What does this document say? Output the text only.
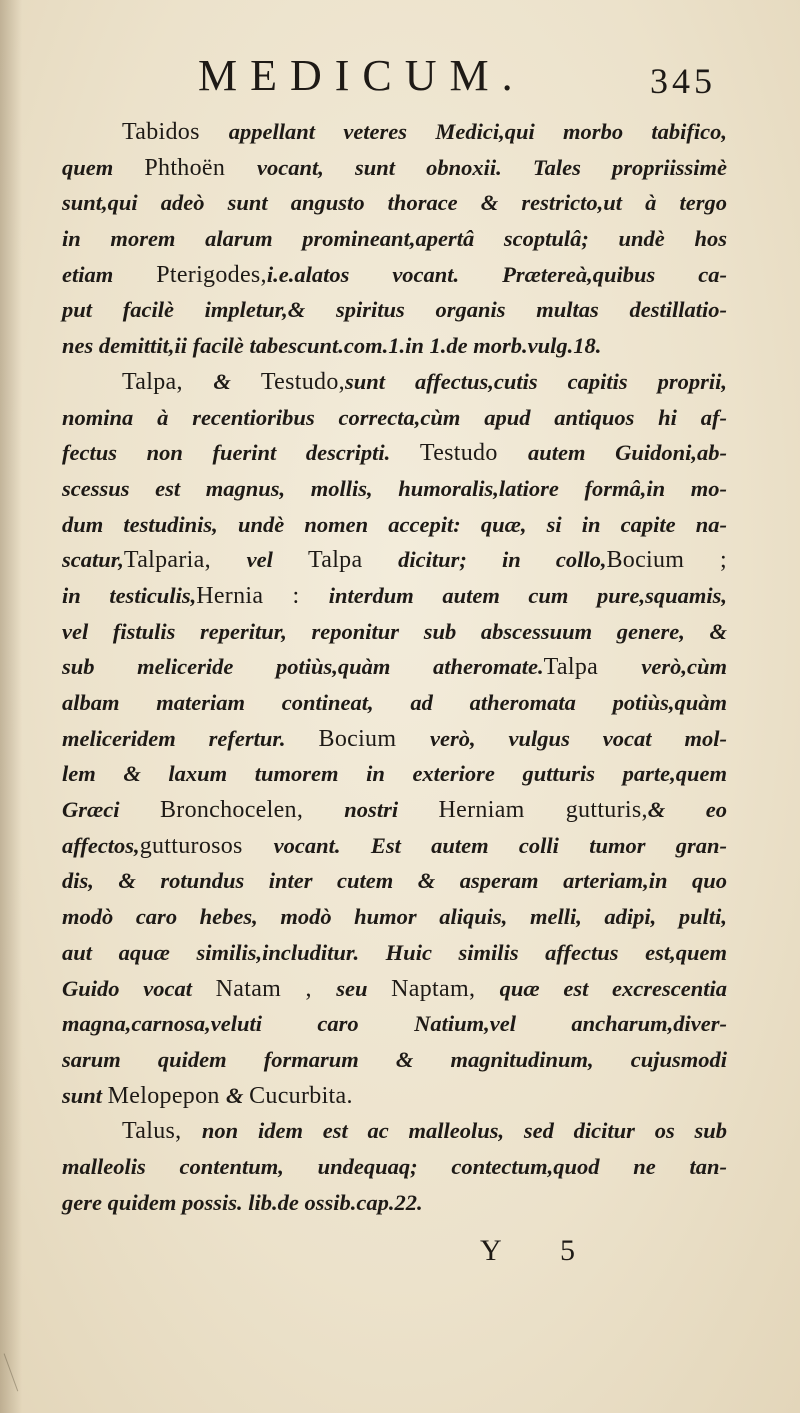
MEDICUM.	345
Tabidos appellant veteres Medici,qui morbo tabifico,
quem Phthoën vocant, sunt obnoxii. Tales propriissimè
sunt,qui adeò sunt angusto thorace & restricto,ut à tergo
in morem alarum promineant,apertâ scoptulâ; undè hos
etiam Pterigodes,i.e.alatos vocant. Prætereà,quibus ca-
put facilè impletur,& spiritus organis multas destillatio-
nes demittit,ii facilè tabescunt.com.1.in 1.de morb.vulg.18.
Talpa, & Testudo,sunt affectus,cutis capitis proprii,
nomina à recentioribus correcta,cùm apud antiquos hi af-
fectus non fuerint descripti. Testudo autem Guidoni,ab-
scessus est magnus, mollis, humoralis,latiore formâ,in mo-
dum testudinis, undè nomen accepit: quæ, si in capite na-
scatur,Talparia, vel Talpa dicitur; in collo,Bocium ;
in testiculis,Hernia : interdum autem cum pure,squamis,
vel fistulis reperitur, reponitur sub abscessuum genere, &
sub meliceride potiùs,quàm atheromate.Talpa verò,cùm
albam materiam contineat, ad atheromata potiùs,quàm
meliceridem refertur. Bocium verò, vulgus vocat mol-
lem & laxum tumorem in exteriore gutturis parte,quem
Græci Bronchocelen, nostri Herniam gutturis,& eo
affectos,gutturosos vocant. Est autem colli tumor gran-
dis, & rotundus inter cutem & asperam arteriam,in quo
modò caro hebes, modò humor aliquis, melli, adipi, pulti,
aut aquæ similis,includitur. Huic similis affectus est,quem
Guido vocat Natam , seu Naptam, quæ est excrescentia
magna,carnosa,veluti caro Natium,vel ancharum,diver-
sarum quidem formarum & magnitudinum, cujusmodi
sunt Melopepon & Cucurbita.
Talus, non idem est ac malleolus, sed dicitur os sub
malleolis contentum, undequaq; contectum,quod ne tan-
gere quidem possis. lib.de ossib.cap.22.
Y 5
